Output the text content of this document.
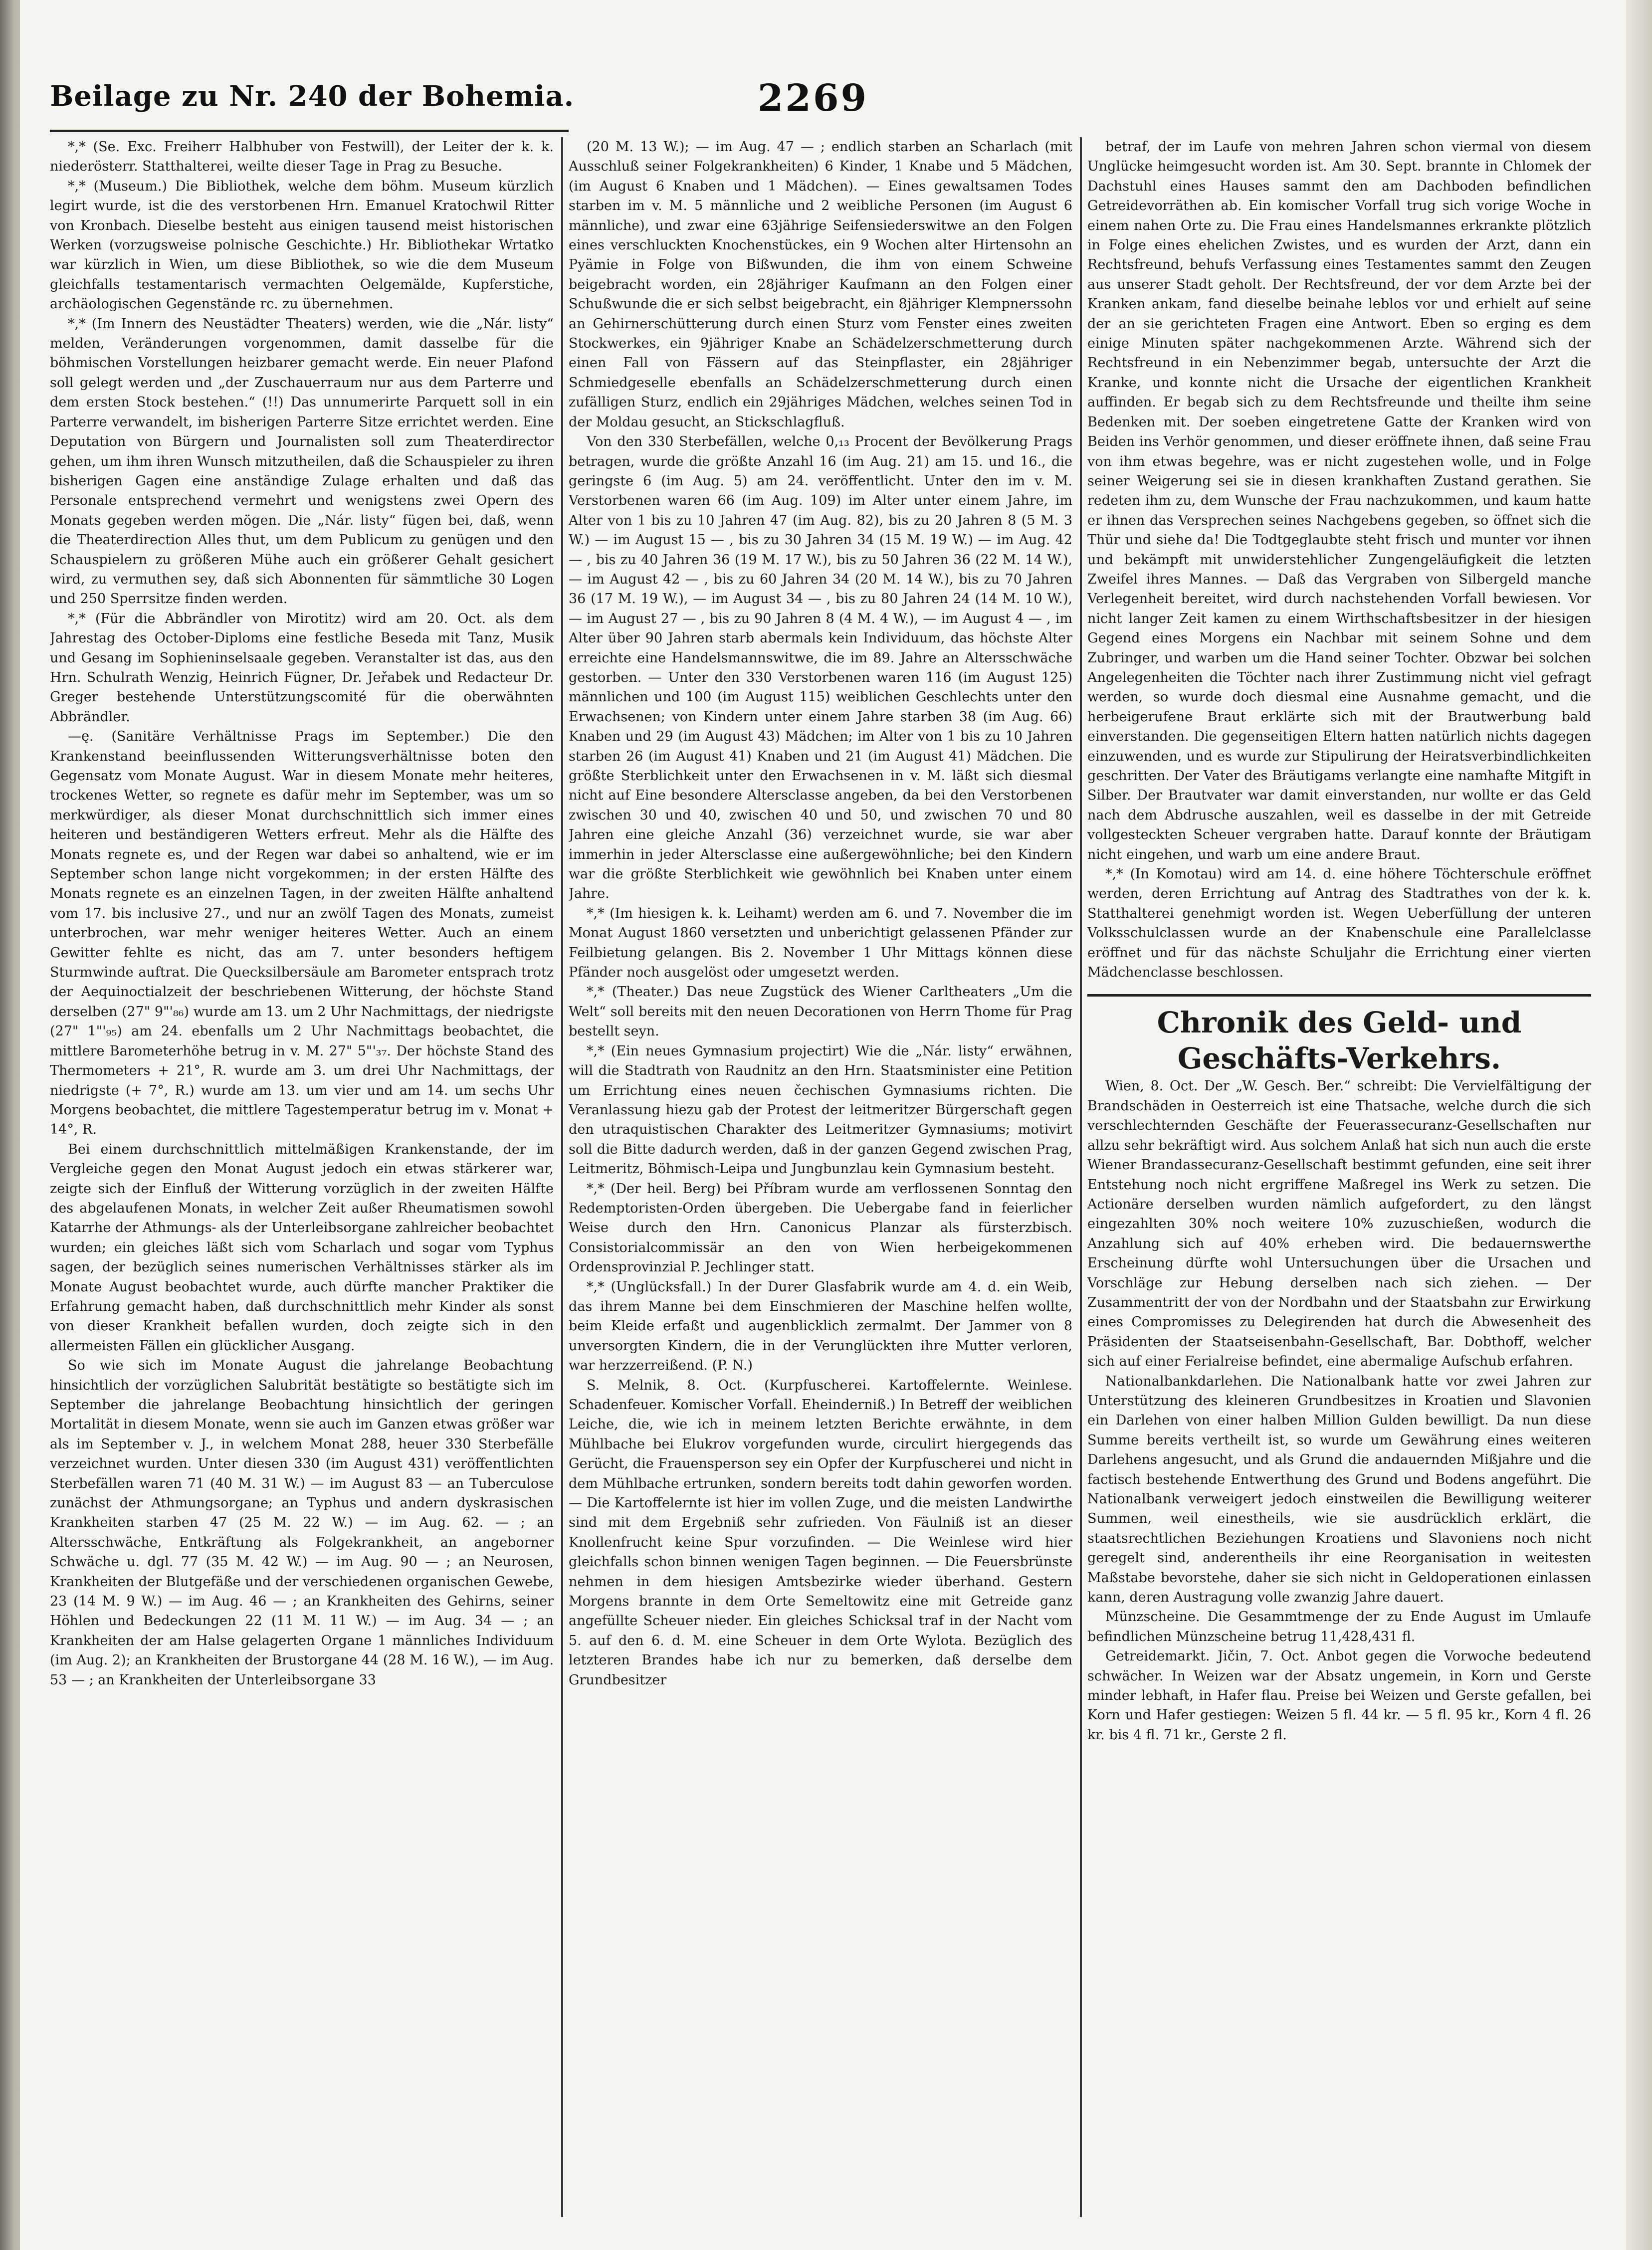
Beilage zu Nr. 240 der Bohemia.	2269

*,* (Se. Exc. Freiherr Halbhuber von Festwill), der Leiter der k. k. niederösterr. Statthalterei, weilte dieser Tage in Prag zu Besuche.

*,* (Museum.) Die Bibliothek, welche dem böhm. Museum kürzlich legirt wurde, ist die des verstorbenen Hrn. Emanuel Kratochwil Ritter von Kronbach. Dieselbe besteht aus einigen tausend meist historischen Werken (vorzugsweise polnische Geschichte.) Hr. Bibliothekar Wrtatko war kürzlich in Wien, um diese Bibliothek, so wie die dem Museum gleichfalls testamentarisch vermachten Oelgemälde, Kupferstiche, archäologischen Gegenstände rc. zu übernehmen.

*,* (Im Innern des Neustädter Theaters) werden, wie die „Nár. listy“ melden, Veränderungen vorgenommen, damit dasselbe für die böhmischen Vorstellungen heizbarer gemacht werde. Ein neuer Plafond soll gelegt werden und „der Zuschauerraum nur aus dem Parterre und dem ersten Stock bestehen.“ (!!) Das unnumerirte Parquett soll in ein Parterre verwandelt, im bisherigen Parterre Sitze errichtet werden. Eine Deputation von Bürgern und Journalisten soll zum Theaterdirector gehen, um ihm ihren Wunsch mitzutheilen, daß die Schauspieler zu ihren bisherigen Gagen eine anständige Zulage erhalten und daß das Personale entsprechend vermehrt und wenigstens zwei Opern des Monats gegeben werden mögen. Die „Nár. listy“ fügen bei, daß, wenn die Theaterdirection Alles thut, um dem Publicum zu genügen und den Schauspielern zu größeren Mühe auch ein größerer Gehalt gesichert wird, zu vermuthen sey, daß sich Abonnenten für sämmtliche 30 Logen und 250 Sperrsitze finden werden.

*,* (Für die Abbrändler von Mirotitz) wird am 20. Oct. als dem Jahrestag des October-Diploms eine festliche Beseda mit Tanz, Musik und Gesang im Sophieninselsaale gegeben. Veranstalter ist das, aus den Hrn. Schulrath Wenzig, Heinrich Fügner, Dr. Jeřabek und Redacteur Dr. Greger bestehende Unterstützungscomité für die oberwähnten Abbrändler.

—ę. (Sanitäre Verhältnisse Prags im September.) Die den Krankenstand beeinflussenden Witterungsverhältnisse boten den Gegensatz vom Monate August. War in diesem Monate mehr heiteres, trockenes Wetter, so regnete es dafür mehr im September, was um so merkwürdiger, als dieser Monat durchschnittlich sich immer eines heiteren und beständigeren Wetters erfreut. Mehr als die Hälfte des Monats regnete es, und der Regen war dabei so anhaltend, wie er im September schon lange nicht vorgekommen; in der ersten Hälfte des Monats regnete es an einzelnen Tagen, in der zweiten Hälfte anhaltend vom 17. bis inclusive 27., und nur an zwölf Tagen des Monats, zumeist unterbrochen, war mehr weniger heiteres Wetter. Auch an einem Gewitter fehlte es nicht, das am 7. unter besonders heftigem Sturmwinde auftrat. Die Quecksilbersäule am Barometer entsprach trotz der Aequinoctialzeit der beschriebenen Witterung, der höchste Stand derselben (27" 9"'₈₆) wurde am 13. um 2 Uhr Nachmittags, der niedrigste (27" 1"'₉₅) am 24. ebenfalls um 2 Uhr Nachmittags beobachtet, die mittlere Barometerhöhe betrug in v. M. 27" 5"'₃₇. Der höchste Stand des Thermometers + 21°, R. wurde am 3. um drei Uhr Nachmittags, der niedrigste (+ 7°, R.) wurde am 13. um vier und am 14. um sechs Uhr Morgens beobachtet, die mittlere Tagestemperatur betrug im v. Monat + 14°, R.

Bei einem durchschnittlich mittelmäßigen Krankenstande, der im Vergleiche gegen den Monat August jedoch ein etwas stärkerer war, zeigte sich der Einfluß der Witterung vorzüglich in der zweiten Hälfte des abgelaufenen Monats, in welcher Zeit außer Rheumatismen sowohl Katarrhe der Athmungs- als der Unterleibsorgane zahlreicher beobachtet wurden; ein gleiches läßt sich vom Scharlach und sogar vom Typhus sagen, der bezüglich seines numerischen Verhältnisses stärker als im Monate August beobachtet wurde, auch dürfte mancher Praktiker die Erfahrung gemacht haben, daß durchschnittlich mehr Kinder als sonst von dieser Krankheit befallen wurden, doch zeigte sich in den allermeisten Fällen ein glücklicher Ausgang.

So wie sich im Monate August die jahrelange Beobachtung hinsichtlich der vorzüglichen Salubrität bestätigte so bestätigte sich im September die jahrelange Beobachtung hinsichtlich der geringen Mortalität in diesem Monate, wenn sie auch im Ganzen etwas größer war als im September v. J., in welchem Monat 288, heuer 330 Sterbefälle verzeichnet wurden. Unter diesen 330 (im August 431) veröffentlichten Sterbefällen waren 71 (40 M. 31 W.) — im August 83 — an Tuberculose zunächst der Athmungsorgane; an Typhus und andern dyskrasischen Krankheiten starben 47 (25 M. 22 W.) — im Aug. 62. — ; an Altersschwäche, Entkräftung als Folgekrankheit, an angeborner Schwäche u. dgl. 77 (35 M. 42 W.) — im Aug. 90 — ; an Neurosen, Krankheiten der Blutgefäße und der verschiedenen organischen Gewebe, 23 (14 M. 9 W.) — im Aug. 46 — ; an Krankheiten des Gehirns, seiner Höhlen und Bedeckungen 22 (11 M. 11 W.) — im Aug. 34 — ; an Krankheiten der am Halse gelagerten Organe 1 männliches Individuum (im Aug. 2); an Krankheiten der Brustorgane 44 (28 M. 16 W.), — im Aug. 53 — ; an Krankheiten der Unterleibsorgane 33

(20 M. 13 W.); — im Aug. 47 — ; endlich starben an Scharlach (mit Ausschluß seiner Folgekrankheiten) 6 Kinder, 1 Knabe und 5 Mädchen, (im August 6 Knaben und 1 Mädchen). — Eines gewaltsamen Todes starben im v. M. 5 männliche und 2 weibliche Personen (im August 6 männliche), und zwar eine 63jährige Seifensiederswitwe an den Folgen eines verschluckten Knochenstückes, ein 9 Wochen alter Hirtensohn an Pyämie in Folge von Bißwunden, die ihm von einem Schweine beigebracht worden, ein 28jähriger Kaufmann an den Folgen einer Schußwunde die er sich selbst beigebracht, ein 8jähriger Klempnerssohn an Gehirnerschütterung durch einen Sturz vom Fenster eines zweiten Stockwerkes, ein 9jähriger Knabe an Schädelzerschmetterung durch einen Fall von Fässern auf das Steinpflaster, ein 28jähriger Schmiedgeselle ebenfalls an Schädelzerschmetterung durch einen zufälligen Sturz, endlich ein 29jähriges Mädchen, welches seinen Tod in der Moldau gesucht, an Stickschlagfluß.

Von den 330 Sterbefällen, welche 0,₁₃ Procent der Bevölkerung Prags betragen, wurde die größte Anzahl 16 (im Aug. 21) am 15. und 16., die geringste 6 (im Aug. 5) am 24. veröffentlicht. Unter den im v. M. Verstorbenen waren 66 (im Aug. 109) im Alter unter einem Jahre, im Alter von 1 bis zu 10 Jahren 47 (im Aug. 82), bis zu 20 Jahren 8 (5 M. 3 W.) — im August 15 — , bis zu 30 Jahren 34 (15 M. 19 W.) — im Aug. 42 — , bis zu 40 Jahren 36 (19 M. 17 W.), bis zu 50 Jahren 36 (22 M. 14 W.), — im August 42 — , bis zu 60 Jahren 34 (20 M. 14 W.), bis zu 70 Jahren 36 (17 M. 19 W.), — im August 34 — , bis zu 80 Jahren 24 (14 M. 10 W.), — im August 27 — , bis zu 90 Jahren 8 (4 M. 4 W.), — im August 4 — , im Alter über 90 Jahren starb abermals kein Individuum, das höchste Alter erreichte eine Handelsmannswitwe, die im 89. Jahre an Altersschwäche gestorben. — Unter den 330 Verstorbenen waren 116 (im August 125) männlichen und 100 (im August 115) weiblichen Geschlechts unter den Erwachsenen; von Kindern unter einem Jahre starben 38 (im Aug. 66) Knaben und 29 (im August 43) Mädchen; im Alter von 1 bis zu 10 Jahren starben 26 (im August 41) Knaben und 21 (im August 41) Mädchen. Die größte Sterblichkeit unter den Erwachsenen in v. M. läßt sich diesmal nicht auf Eine besondere Altersclasse angeben, da bei den Verstorbenen zwischen 30 und 40, zwischen 40 und 50, und zwischen 70 und 80 Jahren eine gleiche Anzahl (36) verzeichnet wurde, sie war aber immerhin in jeder Altersclasse eine außergewöhnliche; bei den Kindern war die größte Sterblichkeit wie gewöhnlich bei Knaben unter einem Jahre.

*,* (Im hiesigen k. k. Leihamt) werden am 6. und 7. November die im Monat August 1860 versetzten und unberichtigt gelassenen Pfänder zur Feilbietung gelangen. Bis 2. November 1 Uhr Mittags können diese Pfänder noch ausgelöst oder umgesetzt werden.

*,* (Theater.) Das neue Zugstück des Wiener Carltheaters „Um die Welt“ soll bereits mit den neuen Decorationen von Herrn Thome für Prag bestellt seyn.

*,* (Ein neues Gymnasium projectirt) Wie die „Nár. listy“ erwähnen, will die Stadtrath von Raudnitz an den Hrn. Staatsminister eine Petition um Errichtung eines neuen čechischen Gymnasiums richten. Die Veranlassung hiezu gab der Protest der leitmeritzer Bürgerschaft gegen den utraquistischen Charakter des Leitmeritzer Gymnasiums; motivirt soll die Bitte dadurch werden, daß in der ganzen Gegend zwischen Prag, Leitmeritz, Böhmisch-Leipa und Jungbunzlau kein Gymnasium besteht.

*,* (Der heil. Berg) bei Příbram wurde am verflossenen Sonntag den Redemptoristen-Orden übergeben. Die Uebergabe fand in feierlicher Weise durch den Hrn. Canonicus Planzar als fürsterzbisch. Consistorialcommissär an den von Wien herbeigekommenen Ordensprovinzial P. Jechlinger statt.

*,* (Unglücksfall.) In der Durer Glasfabrik wurde am 4. d. ein Weib, das ihrem Manne bei dem Einschmieren der Maschine helfen wollte, beim Kleide erfaßt und augenblicklich zermalmt. Der Jammer von 8 unversorgten Kindern, die in der Verunglückten ihre Mutter verloren, war herzzerreißend. (P. N.)

S. Melnik, 8. Oct. (Kurpfuscherei. Kartoffelernte. Weinlese. Schadenfeuer. Komischer Vorfall. Eheinderniß.) In Betreff der weiblichen Leiche, die, wie ich in meinem letzten Berichte erwähnte, in dem Mühlbache bei Elukrov vorgefunden wurde, circulirt hiergegends das Gerücht, die Frauensperson sey ein Opfer der Kurpfuscherei und nicht in dem Mühlbache ertrunken, sondern bereits todt dahin geworfen worden. — Die Kartoffelernte ist hier im vollen Zuge, und die meisten Landwirthe sind mit dem Ergebniß sehr zufrieden. Von Fäulniß ist an dieser Knollenfrucht keine Spur vorzufinden. — Die Weinlese wird hier gleichfalls schon binnen wenigen Tagen beginnen. — Die Feuersbrünste nehmen in dem hiesigen Amtsbezirke wieder überhand. Gestern Morgens brannte in dem Orte Semeltowitz eine mit Getreide ganz angefüllte Scheuer nieder. Ein gleiches Schicksal traf in der Nacht vom 5. auf den 6. d. M. eine Scheuer in dem Orte Wylota. Bezüglich des letzteren Brandes habe ich nur zu bemerken, daß derselbe dem Grundbesitzer

betraf, der im Laufe von mehren Jahren schon viermal von diesem Unglücke heimgesucht worden ist. Am 30. Sept. brannte in Chlomek der Dachstuhl eines Hauses sammt den am Dachboden befindlichen Getreidevorräthen ab. Ein komischer Vorfall trug sich vorige Woche in einem nahen Orte zu. Die Frau eines Handelsmannes erkrankte plötzlich in Folge eines ehelichen Zwistes, und es wurden der Arzt, dann ein Rechtsfreund, behufs Verfassung eines Testamentes sammt den Zeugen aus unserer Stadt geholt. Der Rechtsfreund, der vor dem Arzte bei der Kranken ankam, fand dieselbe beinahe leblos vor und erhielt auf seine der an sie gerichteten Fragen eine Antwort. Eben so erging es dem einige Minuten später nachgekommenen Arzte. Während sich der Rechtsfreund in ein Nebenzimmer begab, untersuchte der Arzt die Kranke, und konnte nicht die Ursache der eigentlichen Krankheit auffinden. Er begab sich zu dem Rechtsfreunde und theilte ihm seine Bedenken mit. Der soeben eingetretene Gatte der Kranken wird von Beiden ins Verhör genommen, und dieser eröffnete ihnen, daß seine Frau von ihm etwas begehre, was er nicht zugestehen wolle, und in Folge seiner Weigerung sei sie in diesen krankhaften Zustand gerathen. Sie redeten ihm zu, dem Wunsche der Frau nachzukommen, und kaum hatte er ihnen das Versprechen seines Nachgebens gegeben, so öffnet sich die Thür und siehe da! Die Todtgeglaubte steht frisch und munter vor ihnen und bekämpft mit unwiderstehlicher Zungengeläufigkeit die letzten Zweifel ihres Mannes. — Daß das Vergraben von Silbergeld manche Verlegenheit bereitet, wird durch nachstehenden Vorfall bewiesen. Vor nicht langer Zeit kamen zu einem Wirthschaftsbesitzer in der hiesigen Gegend eines Morgens ein Nachbar mit seinem Sohne und dem Zubringer, und warben um die Hand seiner Tochter. Obzwar bei solchen Angelegenheiten die Töchter nach ihrer Zustimmung nicht viel gefragt werden, so wurde doch diesmal eine Ausnahme gemacht, und die herbeigerufene Braut erklärte sich mit der Brautwerbung bald einverstanden. Die gegenseitigen Eltern hatten natürlich nichts dagegen einzuwenden, und es wurde zur Stipulirung der Heiratsverbindlichkeiten geschritten. Der Vater des Bräutigams verlangte eine namhafte Mitgift in Silber. Der Brautvater war damit einverstanden, nur wollte er das Geld nach dem Abdrusche auszahlen, weil es dasselbe in der mit Getreide vollgesteckten Scheuer vergraben hatte. Darauf konnte der Bräutigam nicht eingehen, und warb um eine andere Braut.

*,* (In Komotau) wird am 14. d. eine höhere Töchterschule eröffnet werden, deren Errichtung auf Antrag des Stadtrathes von der k. k. Statthalterei genehmigt worden ist. Wegen Ueberfüllung der unteren Volksschulclassen wurde an der Knabenschule eine Parallelclasse eröffnet und für das nächste Schuljahr die Errichtung einer vierten Mädchenclasse beschlossen.

Chronik des Geld- und Geschäfts-Verkehrs.

Wien, 8. Oct. Der „W. Gesch. Ber.“ schreibt: Die Vervielfältigung der Brandschäden in Oesterreich ist eine Thatsache, welche durch die sich verschlechternden Geschäfte der Feuerassecuranz-Gesellschaften nur allzu sehr bekräftigt wird. Aus solchem Anlaß hat sich nun auch die erste Wiener Brandassecuranz-Gesellschaft bestimmt gefunden, eine seit ihrer Entstehung noch nicht ergriffene Maßregel ins Werk zu setzen. Die Actionäre derselben wurden nämlich aufgefordert, zu den längst eingezahlten 30% noch weitere 10% zuzuschießen, wodurch die Anzahlung sich auf 40% erheben wird. Die bedauernswerthe Erscheinung dürfte wohl Untersuchungen über die Ursachen und Vorschläge zur Hebung derselben nach sich ziehen. — Der Zusammentritt der von der Nordbahn und der Staatsbahn zur Erwirkung eines Compromisses zu Delegirenden hat durch die Abwesenheit des Präsidenten der Staatseisenbahn-Gesellschaft, Bar. Dobthoff, welcher sich auf einer Ferialreise befindet, eine abermalige Aufschub erfahren.

Nationalbankdarlehen. Die Nationalbank hatte vor zwei Jahren zur Unterstützung des kleineren Grundbesitzes in Kroatien und Slavonien ein Darlehen von einer halben Million Gulden bewilligt. Da nun diese Summe bereits vertheilt ist, so wurde um Gewährung eines weiteren Darlehens angesucht, und als Grund die andauernden Mißjahre und die factisch bestehende Entwerthung des Grund und Bodens angeführt. Die Nationalbank verweigert jedoch einstweilen die Bewilligung weiterer Summen, weil einestheils, wie sie ausdrücklich erklärt, die staatsrechtlichen Beziehungen Kroatiens und Slavoniens noch nicht geregelt sind, anderentheils ihr eine Reorganisation in weitesten Maßstabe bevorstehe, daher sie sich nicht in Geldoperationen einlassen kann, deren Austragung volle zwanzig Jahre dauert.

Münzscheine. Die Gesammtmenge der zu Ende August im Umlaufe befindlichen Münzscheine betrug 11,428,431 fl.

Getreidemarkt. Jičin, 7. Oct. Anbot gegen die Vorwoche bedeutend schwächer. In Weizen war der Absatz ungemein, in Korn und Gerste minder lebhaft, in Hafer flau. Preise bei Weizen und Gerste gefallen, bei Korn und Hafer gestiegen: Weizen 5 fl. 44 kr. — 5 fl. 95 kr., Korn 4 fl. 26 kr. bis 4 fl. 71 kr., Gerste 2 fl.
